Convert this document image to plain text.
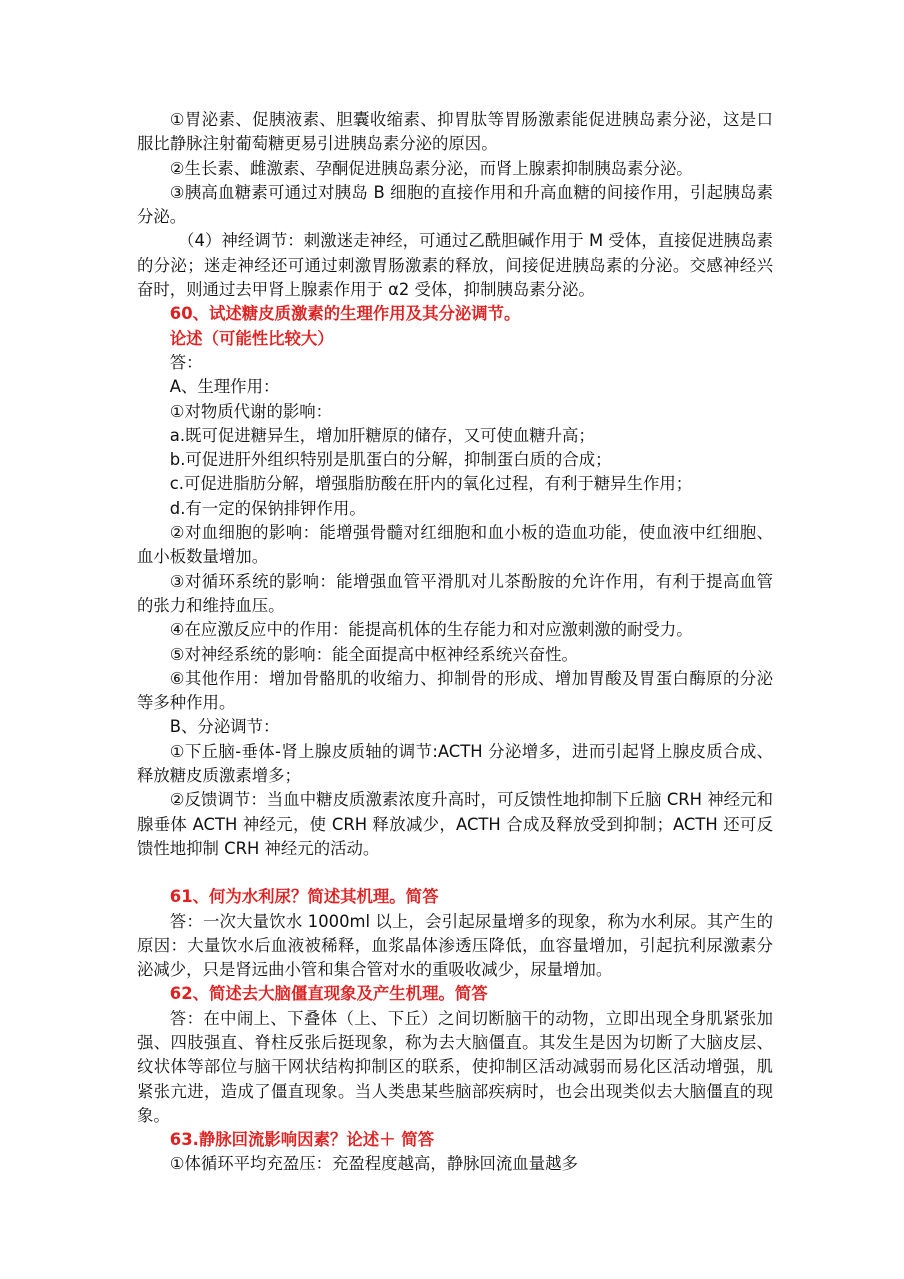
①胃泌素、促胰液素、胆囊收缩素、抑胃肽等胃肠激素能促进胰岛素分泌，这是口服比静脉注射葡萄糖更易引进胰岛素分泌的原因。

②生长素、雌激素、孕酮促进胰岛素分泌，而肾上腺素抑制胰岛素分泌。

③胰高血糖素可通过对胰岛 B 细胞的直接作用和升高血糖的间接作用，引起胰岛素分泌。

（4）神经调节：刺激迷走神经，可通过乙酰胆碱作用于 M 受体，直接促进胰岛素的分泌；迷走神经还可通过刺激胃肠激素的释放，间接促进胰岛素的分泌。交感神经兴奋时，则通过去甲肾上腺素作用于 α2 受体，抑制胰岛素分泌。

60、试述糖皮质激素的生理作用及其分泌调节。

论述（可能性比较大）

答：

A、生理作用：

①对物质代谢的影响：

a.既可促进糖异生，增加肝糖原的储存，又可使血糖升高；

b.可促进肝外组织特别是肌蛋白的分解，抑制蛋白质的合成；

c.可促进脂肪分解，增强脂肪酸在肝内的氧化过程，有利于糖异生作用；

d.有一定的保钠排钾作用。

②对血细胞的影响：能增强骨髓对红细胞和血小板的造血功能，使血液中红细胞、血小板数量增加。

③对循环系统的影响：能增强血管平滑肌对儿茶酚胺的允许作用，有利于提高血管的张力和维持血压。

④在应激反应中的作用：能提高机体的生存能力和对应激刺激的耐受力。

⑤对神经系统的影响：能全面提高中枢神经系统兴奋性。

⑥其他作用：增加骨骼肌的收缩力、抑制骨的形成、增加胃酸及胃蛋白酶原的分泌等多种作用。

B、分泌调节：

①下丘脑-垂体-肾上腺皮质轴的调节:ACTH 分泌增多，进而引起肾上腺皮质合成、释放糖皮质激素增多；

②反馈调节：当血中糖皮质激素浓度升高时，可反馈性地抑制下丘脑 CRH 神经元和腺垂体 ACTH 神经元，使 CRH 释放减少，ACTH 合成及释放受到抑制；ACTH 还可反馈性地抑制 CRH 神经元的活动。

61、何为水利尿？简述其机理。简答

答：一次大量饮水 1000ml 以上，会引起尿量增多的现象，称为水利尿。其产生的原因：大量饮水后血液被稀释，血浆晶体渗透压降低，血容量增加，引起抗利尿激素分泌减少，只是肾远曲小管和集合管对水的重吸收减少，尿量增加。

62、简述去大脑僵直现象及产生机理。简答

答：在中闹上、下叠体（上、下丘）之间切断脑干的动物，立即出现全身肌紧张加强、四肢强直、脊柱反张后挺现象，称为去大脑僵直。其发生是因为切断了大脑皮层、纹状体等部位与脑干网状结构抑制区的联系，使抑制区活动减弱而易化区活动增强，肌紧张亢进，造成了僵直现象。当人类患某些脑部疾病时，也会出现类似去大脑僵直的现象。

63.静脉回流影响因素？论述＋ 简答

①体循环平均充盈压：充盈程度越高，静脉回流血量越多
